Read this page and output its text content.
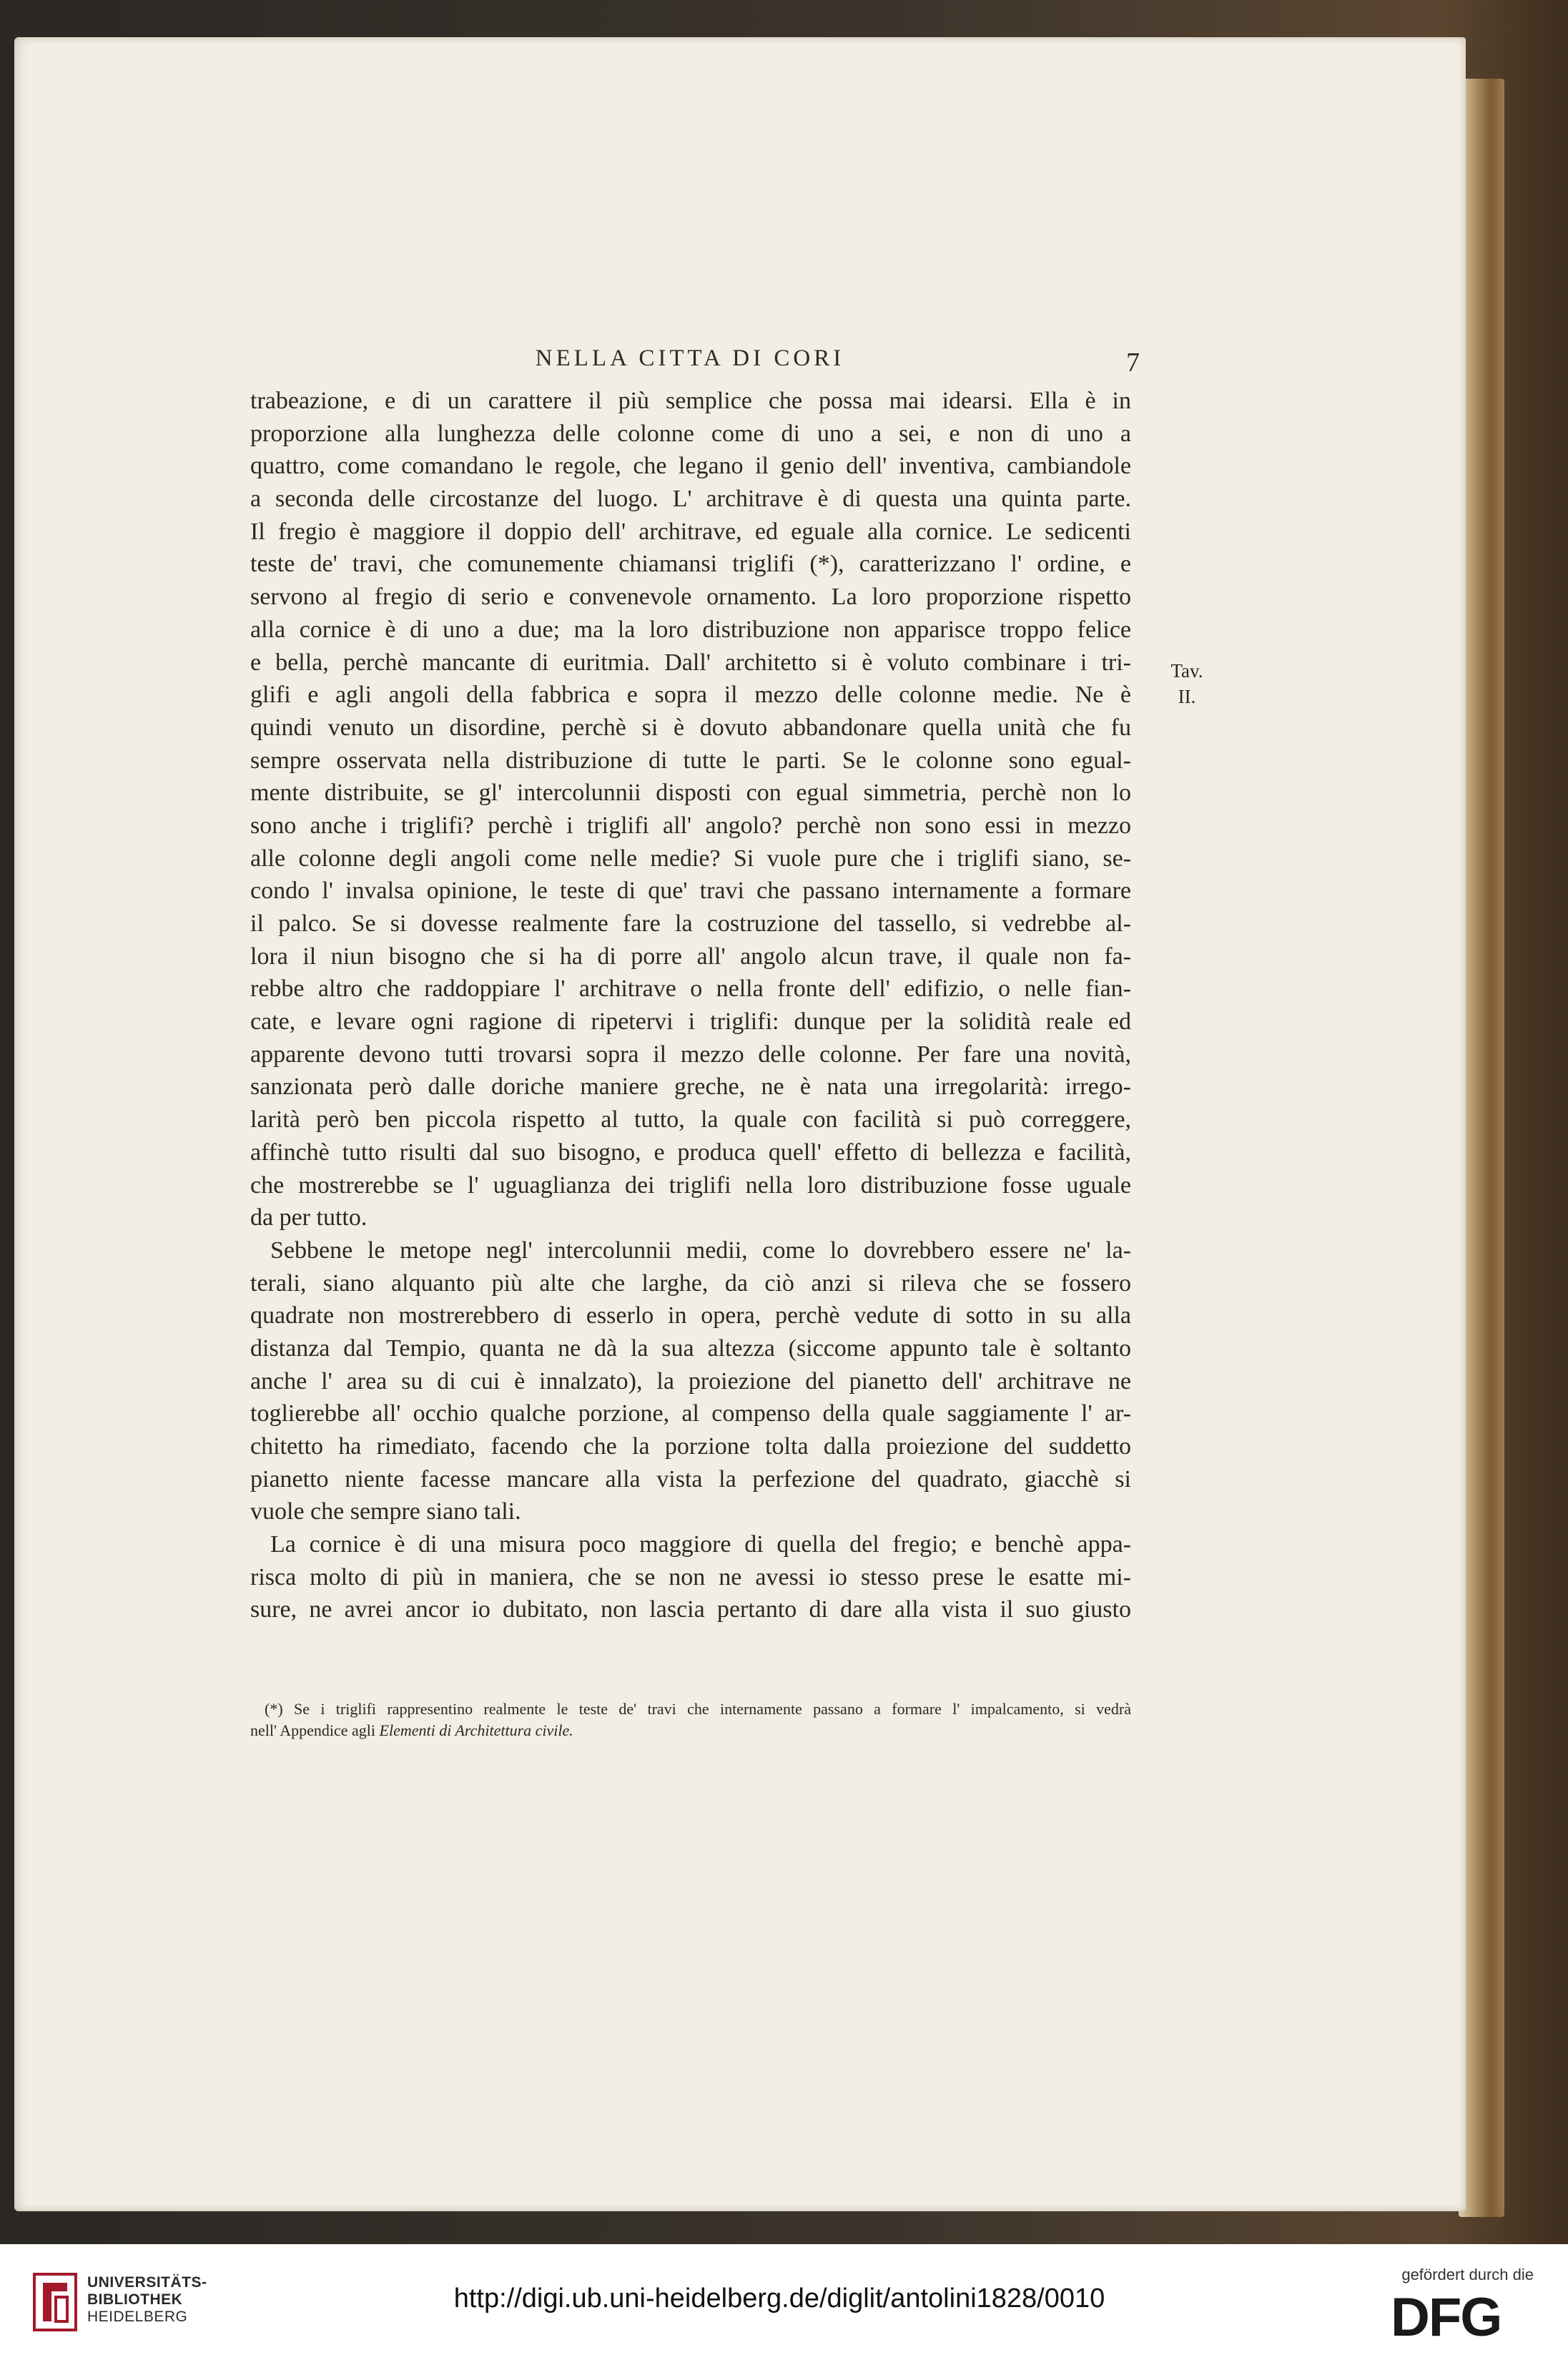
NELLA CITTA DI CORI	7
trabeazione, e di un carattere il più semplice che possa mai idearsi. Ella è in
proporzione alla lunghezza delle colonne come di uno a sei, e non di uno a
quattro, come comandano le regole, che legano il genio dell' inventiva, cambiandole
a seconda delle circostanze del luogo. L' architrave è di questa una quinta parte.
Il fregio è maggiore il doppio dell' architrave, ed eguale alla cornice. Le sedicenti
teste de' travi, che comunemente chiamansi triglifi (*), caratterizzano l' ordine, e
servono al fregio di serio e convenevole ornamento. La loro proporzione rispetto
alla cornice è di uno a due; ma la loro distribuzione non apparisce troppo felice
e bella, perchè mancante di euritmia. Dall' architetto si è voluto combinare i tri-
glifi e agli angoli della fabbrica e sopra il mezzo delle colonne medie. Ne è
quindi venuto un disordine, perchè si è dovuto abbandonare quella unità che fu
sempre osservata nella distribuzione di tutte le parti. Se le colonne sono egual-
mente distribuite, se gl' intercolunnii disposti con egual simmetria, perchè non lo
sono anche i triglifi? perchè i triglifi all' angolo? perchè non sono essi in mezzo
alle colonne degli angoli come nelle medie? Si vuole pure che i triglifi siano, se-
condo l' invalsa opinione, le teste di que' travi che passano internamente a formare
il palco. Se si dovesse realmente fare la costruzione del tassello, si vedrebbe al-
lora il niun bisogno che si ha di porre all' angolo alcun trave, il quale non fa-
rebbe altro che raddoppiare l' architrave o nella fronte dell' edifizio, o nelle fian-
cate, e levare ogni ragione di ripetervi i triglifi: dunque per la solidità reale ed
apparente devono tutti trovarsi sopra il mezzo delle colonne. Per fare una novità,
sanzionata però dalle doriche maniere greche, ne è nata una irregolarità: irrego-
larità però ben piccola rispetto al tutto, la quale con facilità si può correggere,
affinchè tutto risulti dal suo bisogno, e produca quell' effetto di bellezza e facilità,
che mostrerebbe se l' uguaglianza dei triglifi nella loro distribuzione fosse uguale
da per tutto.
Sebbene le metope negl' intercolunnii medii, come lo dovrebbero essere ne' la-
terali, siano alquanto più alte che larghe, da ciò anzi si rileva che se fossero
quadrate non mostrerebbero di esserlo in opera, perchè vedute di sotto in su alla
distanza dal Tempio, quanta ne dà la sua altezza (siccome appunto tale è soltanto
anche l' area su di cui è innalzato), la proiezione del pianetto dell' architrave ne
toglierebbe all' occhio qualche porzione, al compenso della quale saggiamente l' ar-
chitetto ha rimediato, facendo che la porzione tolta dalla proiezione del suddetto
pianetto niente facesse mancare alla vista la perfezione del quadrato, giacchè si
vuole che sempre siano tali.
La cornice è di una misura poco maggiore di quella del fregio; e benchè appa-
risca molto di più in maniera, che se non ne avessi io stesso prese le esatte mi-
sure, ne avrei ancor io dubitato, non lascia pertanto di dare alla vista il suo giusto
Tav.
II.
(*) Se i triglifi rappresentino realmente le teste de' travi che internamente passano a formare l' impalcamento, si vedrà
nell' Appendice agli Elementi di Architettura civile.
UNIVERSITÄTS-
BIBLIOTHEK
HEIDELBERG
http://digi.ub.uni-heidelberg.de/diglit/antolini1828/0010
gefördert durch die
DFG
